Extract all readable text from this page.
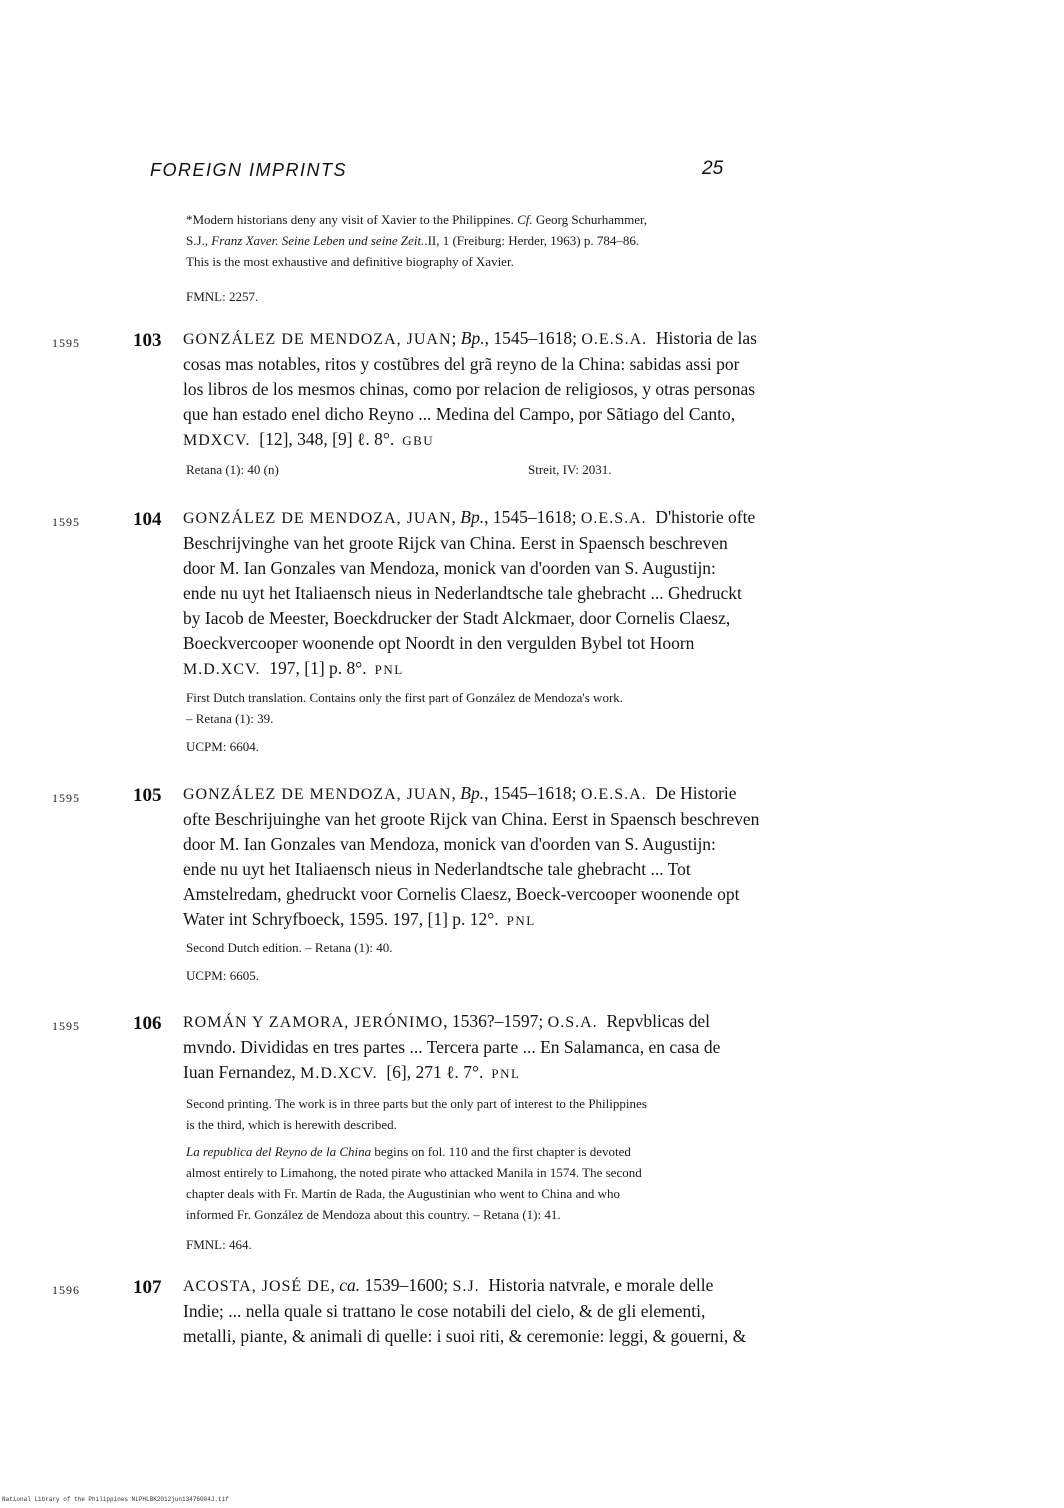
FOREIGN IMPRINTS	25
*Modern historians deny any visit of Xavier to the Philippines. Cf. Georg Schurhammer,
S.J., Franz Xaver. Seine Leben und seine Zeit..II, 1 (Freiburg: Herder, 1963) p. 784–86.
This is the most exhaustive and definitive biography of Xavier.
FMNL: 2257.
1595	103 GONZÁLEZ DE MENDOZA, JUAN; Bp., 1545–1618; O.E.S.A. Historia de las
cosas mas notables, ritos y costũbres del grã reyno de la China: sabidas assi por
los libros de los mesmos chinas, como por relacion de religiosos, y otras personas
que han estado enel dicho Reyno ... Medina del Campo, por Sãtiago del Canto,
MDXCV. [12], 348, [9] ℓ. 8°. GBU
Retana (1): 40 (n)	Streit, IV: 2031.
1595	104 GONZÁLEZ DE MENDOZA, JUAN, Bp., 1545–1618; O.E.S.A. D'historie ofte
Beschrijvinghe van het groote Rijck van China. Eerst in Spaensch beschreven
door M. Ian Gonzales van Mendoza, monick van d'oorden van S. Augustijn:
ende nu uyt het Italiaensch nieus in Nederlandtsche tale ghebracht ... Ghedruckt
by Iacob de Meester, Boeckdrucker der Stadt Alckmaer, door Cornelis Claesz,
Boeckvercooper woonende opt Noordt in den vergulden Bybel tot Hoorn
M.D.XCV. 197, [1] p. 8°. PNL
First Dutch translation. Contains only the first part of González de Mendoza's work.
– Retana (1): 39.
UCPM: 6604.
1595	105 GONZÁLEZ DE MENDOZA, JUAN, Bp., 1545–1618; O.E.S.A. De Historie
ofte Beschrijuinghe van het groote Rijck van China. Eerst in Spaensch beschreven
door M. Ian Gonzales van Mendoza, monick van d'oorden van S. Augustijn:
ende nu uyt het Italiaensch nieus in Nederlandtsche tale ghebracht ... Tot
Amstelredam, ghedruckt voor Cornelis Claesz, Boeck-vercooper woonende opt
Water int Schryfboeck, 1595. 197, [1] p. 12°. PNL
Second Dutch edition. – Retana (1): 40.
UCPM: 6605.
1595	106 ROMÁN Y ZAMORA, JERÓNIMO, 1536?–1597; O.S.A. Repvblicas del
mvndo. Divididas en tres partes ... Tercera parte ... En Salamanca, en casa de
Iuan Fernandez, M.D.XCV. [6], 271 ℓ. 7°. PNL
Second printing. The work is in three parts but the only part of interest to the Philippines
is the third, which is herewith described.
La republica del Reyno de la China begins on fol. 110 and the first chapter is devoted
almost entirely to Limahong, the noted pirate who attacked Manila in 1574. The second
chapter deals with Fr. Martín de Rada, the Augustinian who went to China and who
informed Fr. González de Mendoza about this country. – Retana (1): 41.
FMNL: 464.
1596	107 ACOSTA, JOSÉ DE, ca. 1539–1600; S.J. Historia natvrale, e morale delle
Indie; ... nella quale si trattano le cose notabili del cielo, & de gli elementi,
metalli, piante, & animali di quelle: i suoi riti, & ceremonie: leggi, & gouerni, &
National Library of the Philippines NLPHLBK2012jun13476004J.tif
